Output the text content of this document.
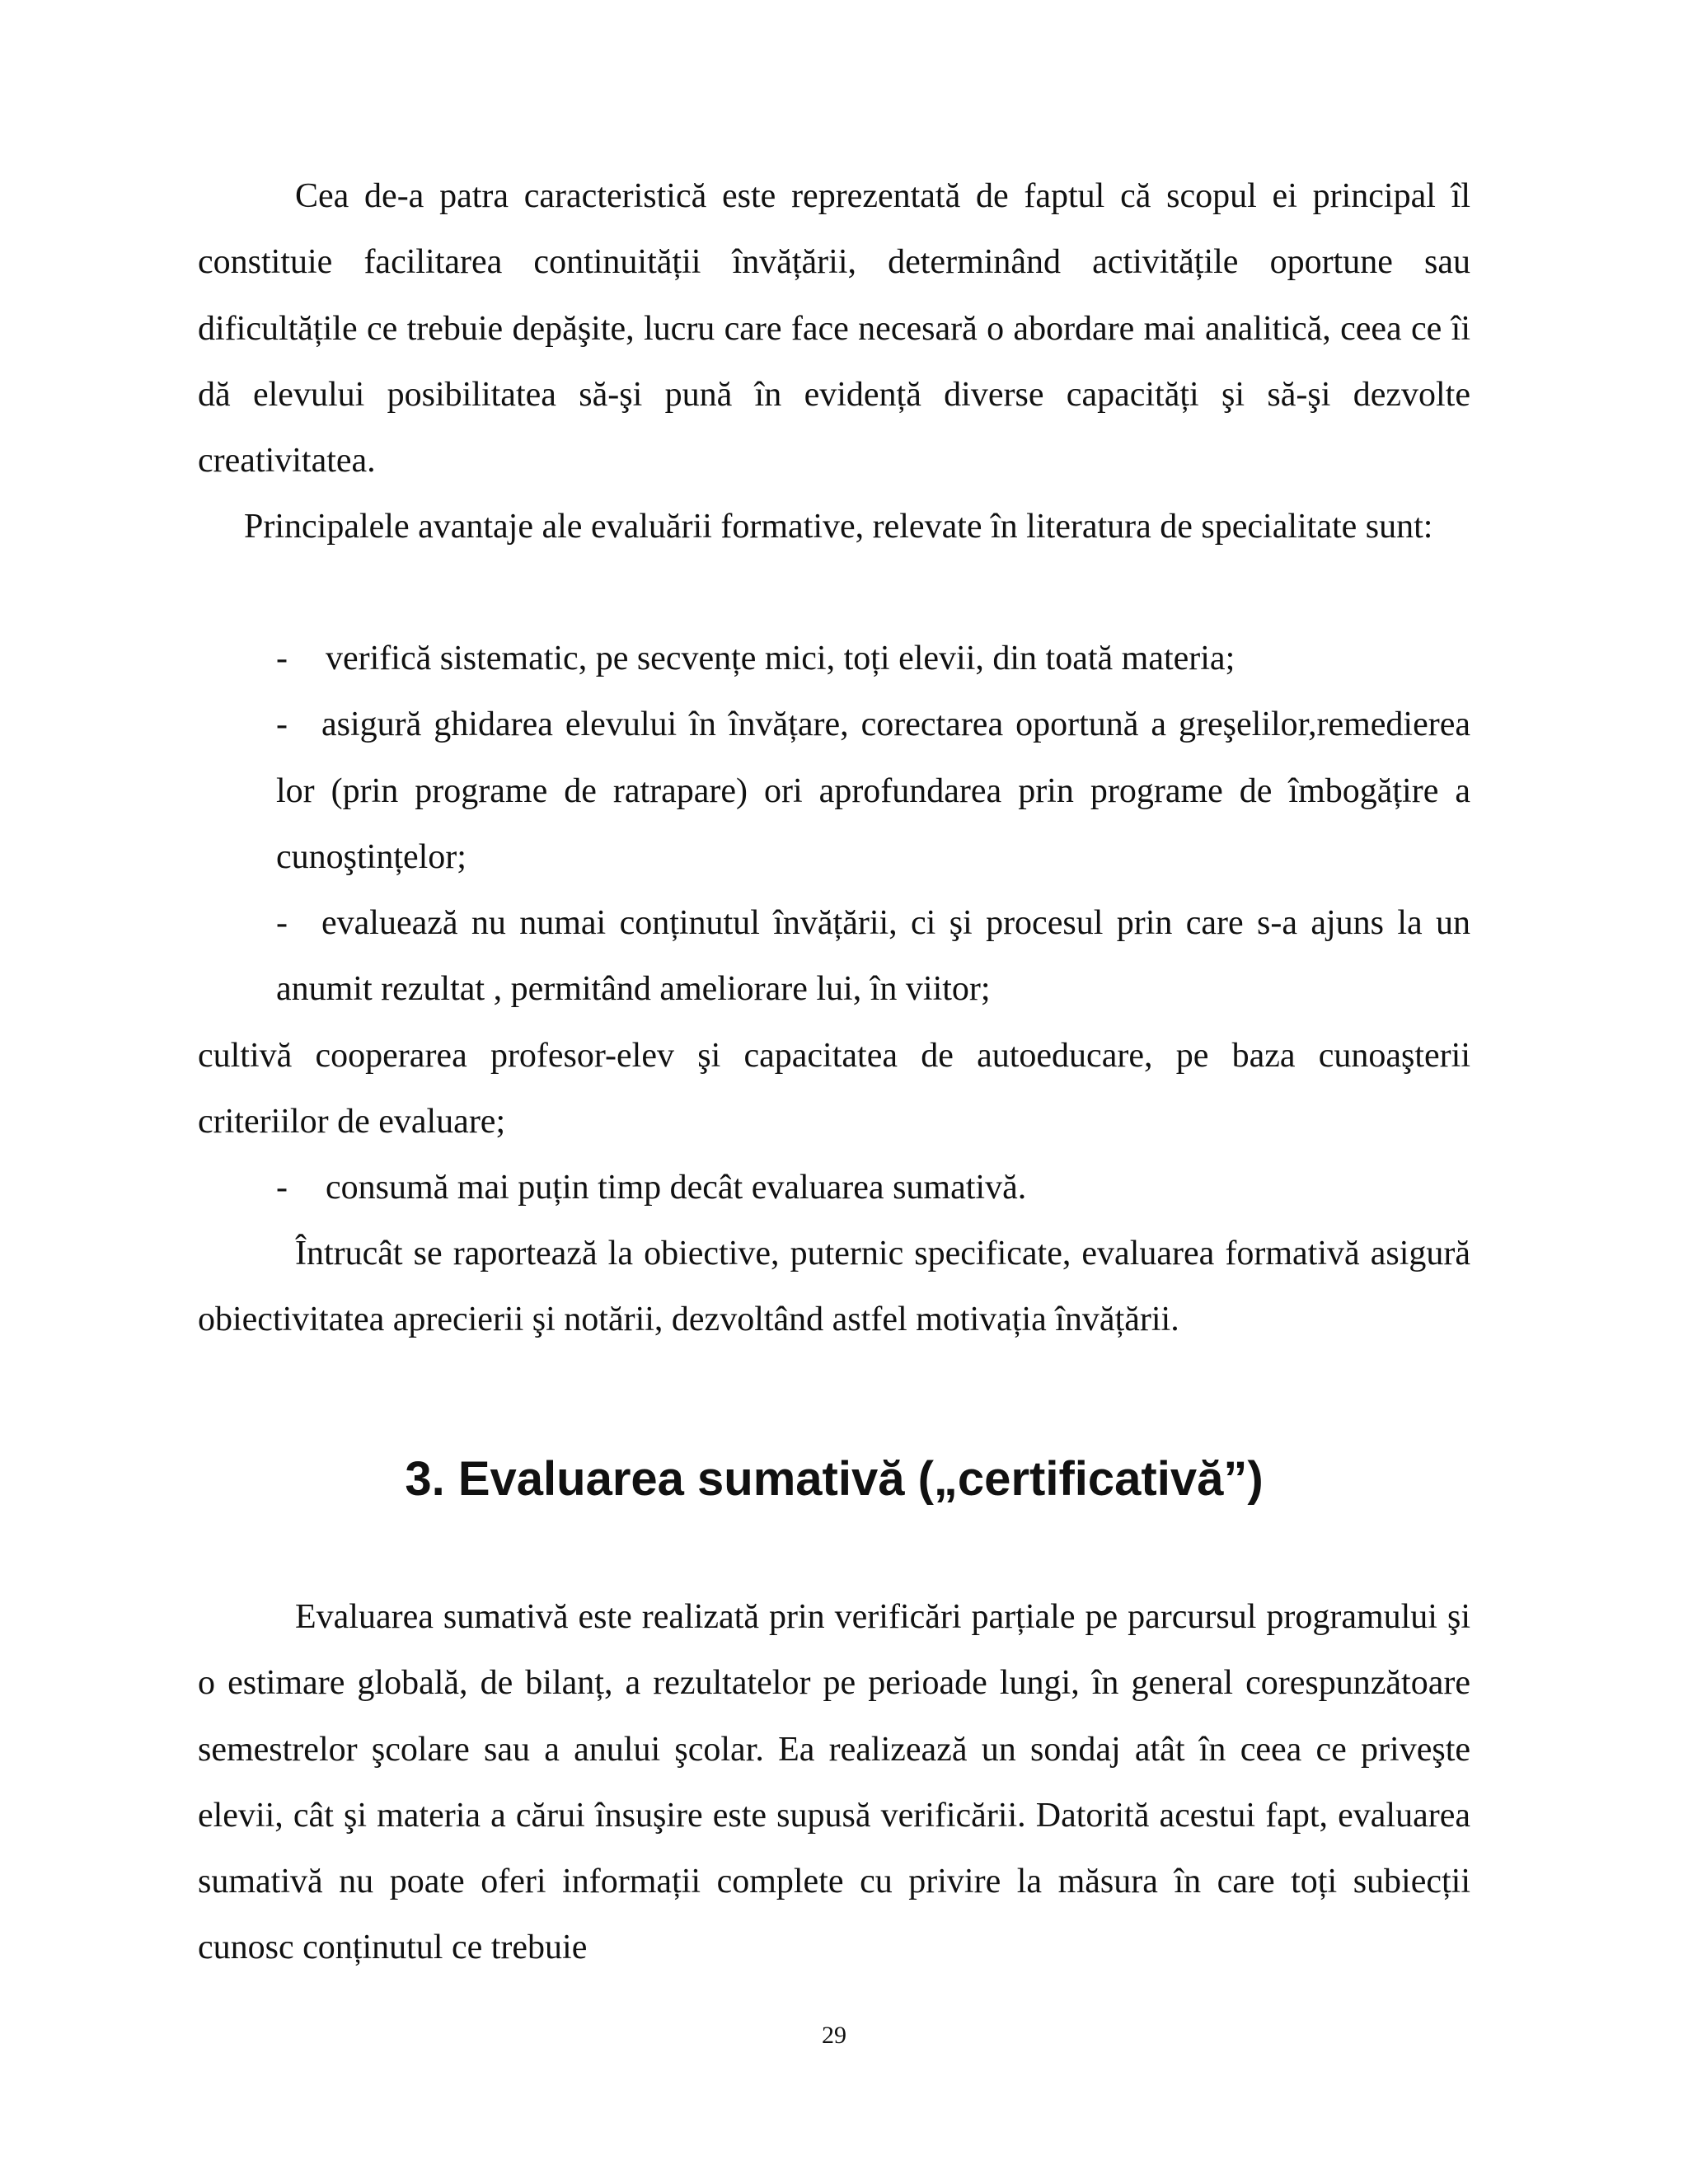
Cea de-a patra caracteristică este reprezentată de faptul că scopul ei principal îl constituie facilitarea continuității învățării, determinând activitățile oportune sau dificultățile ce trebuie depăşite, lucru care face necesară o abordare mai analitică, ceea ce îi dă elevului posibilitatea să-şi pună în evidență diverse capacități şi să-şi dezvolte creativitatea.

Principalele avantaje ale evaluării formative, relevate în literatura de specialitate sunt:

-	verifică sistematic, pe secvențe mici, toți elevii, din toată materia;
- asigură ghidarea elevului în învățare, corectarea oportună a greşelilor,remedierea lor (prin programe de ratrapare) ori aprofundarea prin programe de îmbogățire a cunoştințelor;
- evaluează nu numai conținutul învățării, ci şi procesul prin care s-a ajuns la un anumit rezultat , permitând ameliorare lui, în viitor;

cultivă cooperarea profesor-elev şi capacitatea de autoeducare, pe baza cunoaşterii criteriilor de evaluare;

-	consumă mai puțin timp decât evaluarea sumativă.

Întrucât se raportează la obiective, puternic specificate, evaluarea formativă asigură obiectivitatea aprecierii şi notării, dezvoltând astfel motivația învățării.

3. Evaluarea sumativă („certificativă”)

Evaluarea sumativă este realizată prin verificări parțiale pe parcursul programului şi o estimare globală, de bilanț, a rezultatelor pe perioade lungi, în general corespunzătoare semestrelor şcolare sau a anului şcolar. Ea realizează un sondaj atât în ceea ce priveşte elevii, cât şi materia a cărui însuşire este supusă verificării. Datorită acestui fapt, evaluarea sumativă nu poate oferi informații complete cu privire la măsura în care toți subiecții cunosc conținutul ce trebuie

29
